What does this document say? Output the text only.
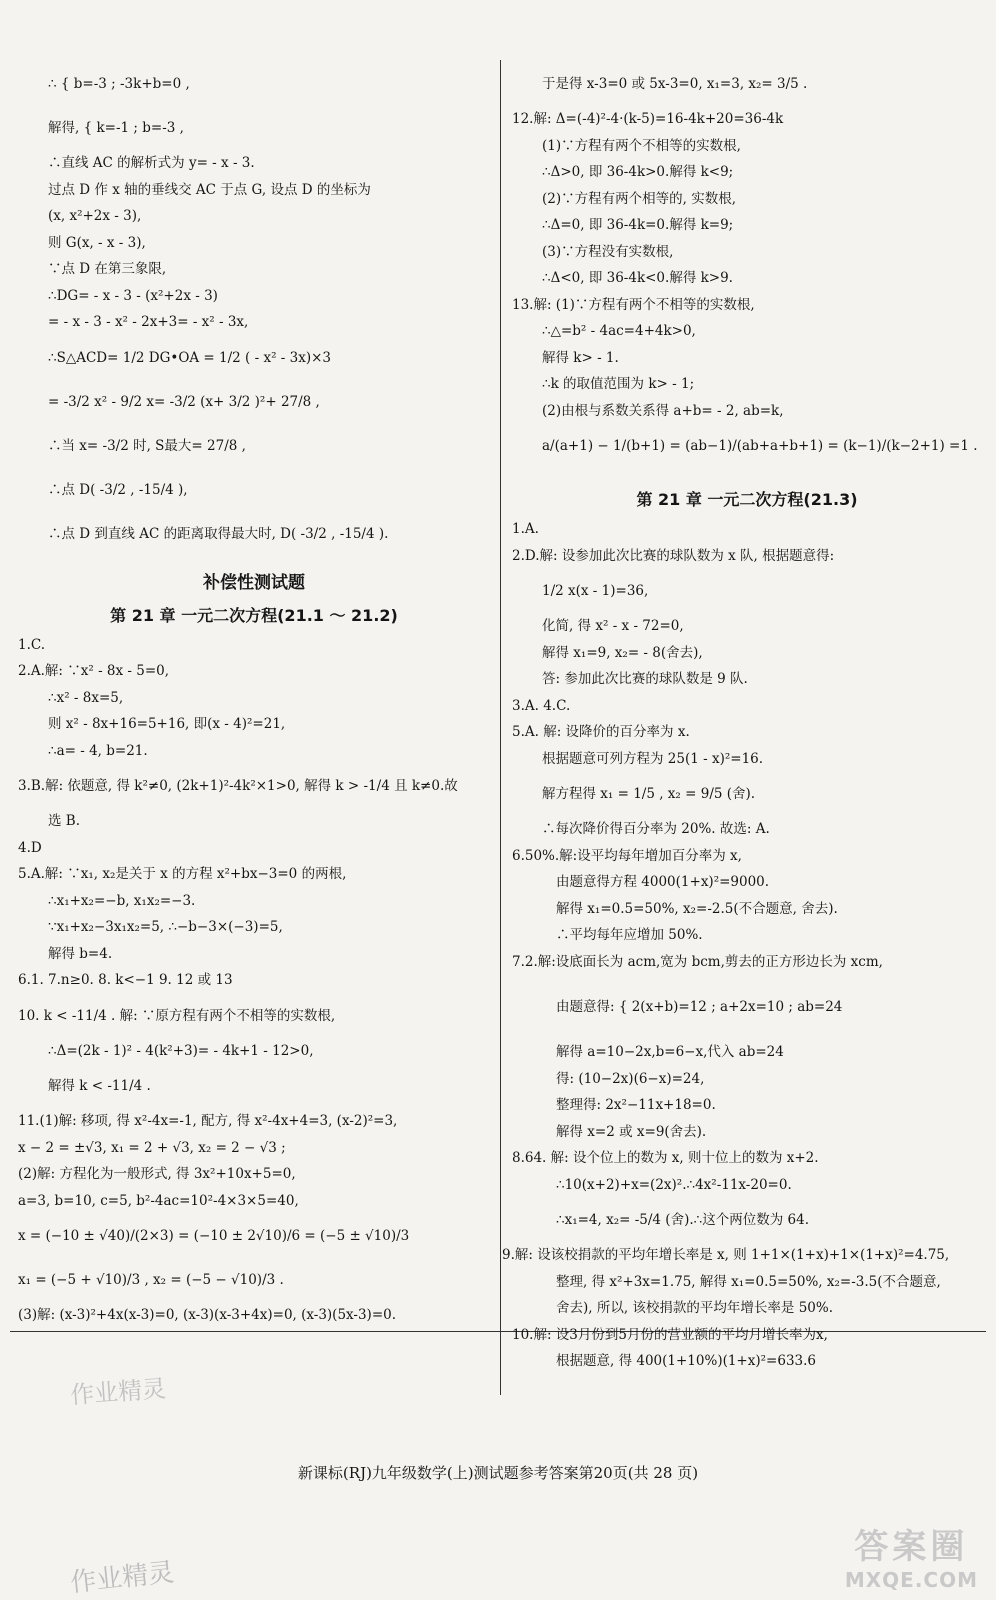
∴ { b=-3 ; -3k+b=0 ,
解得, { k=-1 ; b=-3 ,
∴直线 AC 的解析式为 y= - x - 3.
过点 D 作 x 轴的垂线交 AC 于点 G, 设点 D 的坐标为
(x, x²+2x - 3),
则 G(x, - x - 3),
∵点 D 在第三象限,
∴DG= - x - 3 - (x²+2x - 3)
= - x - 3 - x² - 2x+3= - x² - 3x,
∴S△ACD= 1/2 DG•OA = 1/2 ( - x² - 3x)×3
= -3/2 x² - 9/2 x= -3/2 (x+ 3/2 )²+ 27/8 ,
∴当 x= -3/2 时, S最大= 27/8 ,
∴点 D( -3/2 , -15/4 ),
∴点 D 到直线 AC 的距离取得最大时, D( -3/2 , -15/4 ).
补偿性测试题
第 21 章 一元二次方程(21.1 ～ 21.2)
1.C.
2.A.解: ∵x² - 8x - 5=0,
∴x² - 8x=5,
则 x² - 8x+16=5+16, 即(x - 4)²=21,
∴a= - 4, b=21.
3.B.解: 依题意, 得 k²≠0, (2k+1)²-4k²×1>0, 解得 k > -1/4 且 k≠0.故
选 B.
4.D
5.A.解: ∵x₁, x₂是关于 x 的方程 x²+bx−3=0 的两根,
∴x₁+x₂=−b, x₁x₂=−3.
∵x₁+x₂−3x₁x₂=5, ∴−b−3×(−3)=5,
解得 b=4.
6.1. 7.n≥0. 8. k<−1 9. 12 或 13
10. k < -11/4 . 解: ∵原方程有两个不相等的实数根,
∴Δ=(2k - 1)² - 4(k²+3)= - 4k+1 - 12>0,
解得 k < -11/4 .
11.(1)解: 移项, 得 x²-4x=-1, 配方, 得 x²-4x+4=3, (x-2)²=3,
x − 2 = ±√3, x₁ = 2 + √3, x₂ = 2 − √3 ;
(2)解: 方程化为一般形式, 得 3x²+10x+5=0,
a=3, b=10, c=5, b²-4ac=10²-4×3×5=40,
x = (−10 ± √40)/(2×3) = (−10 ± 2√10)/6 = (−5 ± √10)/3
x₁ = (−5 + √10)/3 , x₂ = (−5 − √10)/3 .
(3)解: (x-3)²+4x(x-3)=0, (x-3)(x-3+4x)=0, (x-3)(5x-3)=0.
于是得 x-3=0 或 5x-3=0, x₁=3, x₂= 3/5 .
12.解: Δ=(-4)²-4·(k-5)=16-4k+20=36-4k
(1)∵方程有两个不相等的实数根,
∴Δ>0, 即 36-4k>0.解得 k<9;
(2)∵方程有两个相等的, 实数根,
∴Δ=0, 即 36-4k=0.解得 k=9;
(3)∵方程没有实数根,
∴Δ<0, 即 36-4k<0.解得 k>9.
13.解: (1)∵方程有两个不相等的实数根,
∴△=b² - 4ac=4+4k>0,
解得 k> - 1.
∴k 的取值范围为 k> - 1;
(2)由根与系数关系得 a+b= - 2, ab=k,
a/(a+1) − 1/(b+1) = (ab−1)/(ab+a+b+1) = (k−1)/(k−2+1) =1 .
第 21 章 一元二次方程(21.3)
1.A.
2.D.解: 设参加此次比赛的球队数为 x 队, 根据题意得:
1/2 x(x - 1)=36,
化简, 得 x² - x - 72=0,
解得 x₁=9, x₂= - 8(舍去),
答: 参加此次比赛的球队数是 9 队.
3.A. 4.C.
5.A. 解: 设降价的百分率为 x.
根据题意可列方程为 25(1 - x)²=16.
解方程得 x₁ = 1/5 , x₂ = 9/5 (舍).
∴每次降价得百分率为 20%. 故选: A.
6.50%.解:设平均每年增加百分率为 x,
由题意得方程 4000(1+x)²=9000.
解得 x₁=0.5=50%, x₂=-2.5(不合题意, 舍去).
∴平均每年应增加 50%.
7.2.解:设底面长为 acm,宽为 bcm,剪去的正方形边长为 xcm,
由题意得: { 2(x+b)=12 ; a+2x=10 ; ab=24
解得 a=10−2x,b=6−x,代入 ab=24
得: (10−2x)(6−x)=24,
整理得: 2x²−11x+18=0.
解得 x=2 或 x=9(舍去).
8.64. 解: 设个位上的数为 x, 则十位上的数为 x+2.
∴10(x+2)+x=(2x)².∴4x²-11x-20=0.
∴x₁=4, x₂= -5/4 (舍).∴这个两位数为 64.
9.解: 设该校捐款的平均年增长率是 x, 则 1+1×(1+x)+1×(1+x)²=4.75,
整理, 得 x²+3x=1.75, 解得 x₁=0.5=50%, x₂=-3.5(不合题意,
舍去), 所以, 该校捐款的平均年增长率是 50%.
10.解: 设3月份到5月份的营业额的平均月增长率为x,
根据题意, 得 400(1+10%)(1+x)²=633.6
新课标(RJ)九年级数学(上)测试题参考答案第20页(共 28 页)
作业精灵
作业精灵
答案圈
MXQE.COM
